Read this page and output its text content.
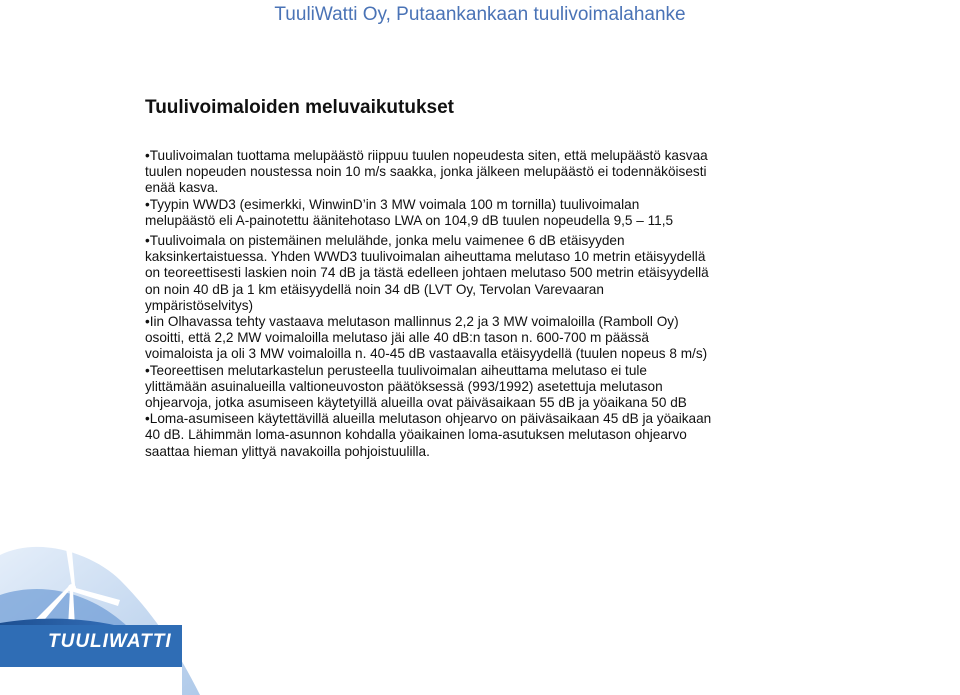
TuuliWatti Oy, Putaankankaan tuulivoimalahanke
Tuulivoimaloiden meluvaikutukset

•Tuulivoimalan tuottama melupäästö riippuu tuulen nopeudesta siten, että melupäästö kasvaa
tuulen nopeuden noustessa noin 10 m/s saakka, jonka jälkeen melupäästö ei todennäköisesti
enää kasva.

•Tyypin WWD3 (esimerkki, WinwinD’in 3 MW voimala 100 m tornilla) tuulivoimalan
melupäästö eli A-painotettu äänitehotaso LWA on 104,9 dB tuulen nopeudella 9,5 – 11,5

•Tuulivoimala on pistemäinen melulähde, jonka melu vaimenee 6 dB etäisyyden
kaksinkertaistuessa. Yhden WWD3 tuulivoimalan aiheuttama melutaso 10 metrin etäisyydellä
on teoreettisesti laskien noin 74 dB ja tästä edelleen johtaen melutaso 500 metrin etäisyydellä
on noin 40 dB ja 1 km etäisyydellä noin 34 dB (LVT Oy, Tervolan Varevaaran
ympäristöselvitys)

•Iin Olhavassa tehty vastaava melutason mallinnus 2,2 ja 3 MW voimaloilla (Ramboll Oy)
osoitti, että 2,2 MW voimaloilla melutaso jäi alle 40 dB:n tason n. 600-700 m päässä
voimaloista ja oli 3 MW voimaloilla n. 40-45 dB vastaavalla etäisyydellä (tuulen nopeus 8 m/s)

•Teoreettisen melutarkastelun perusteella tuulivoimalan aiheuttama melutaso ei tule
ylittämään asuinalueilla valtioneuvoston päätöksessä (993/1992) asetettuja melutason
ohjearvoja, jotka asumiseen käytetyillä alueilla ovat päiväsaikaan 55 dB ja yöaikana 50 dB

•Loma-asumiseen käytettävillä alueilla melutason ohjearvo on päiväsaikaan 45 dB ja yöaikaan
40 dB. Lähimmän loma-asunnon kohdalla yöaikainen loma-asutuksen melutason ohjearvo
saattaa hieman ylittyä navakoilla pohjoistuulilla.

TUULIWATTI
